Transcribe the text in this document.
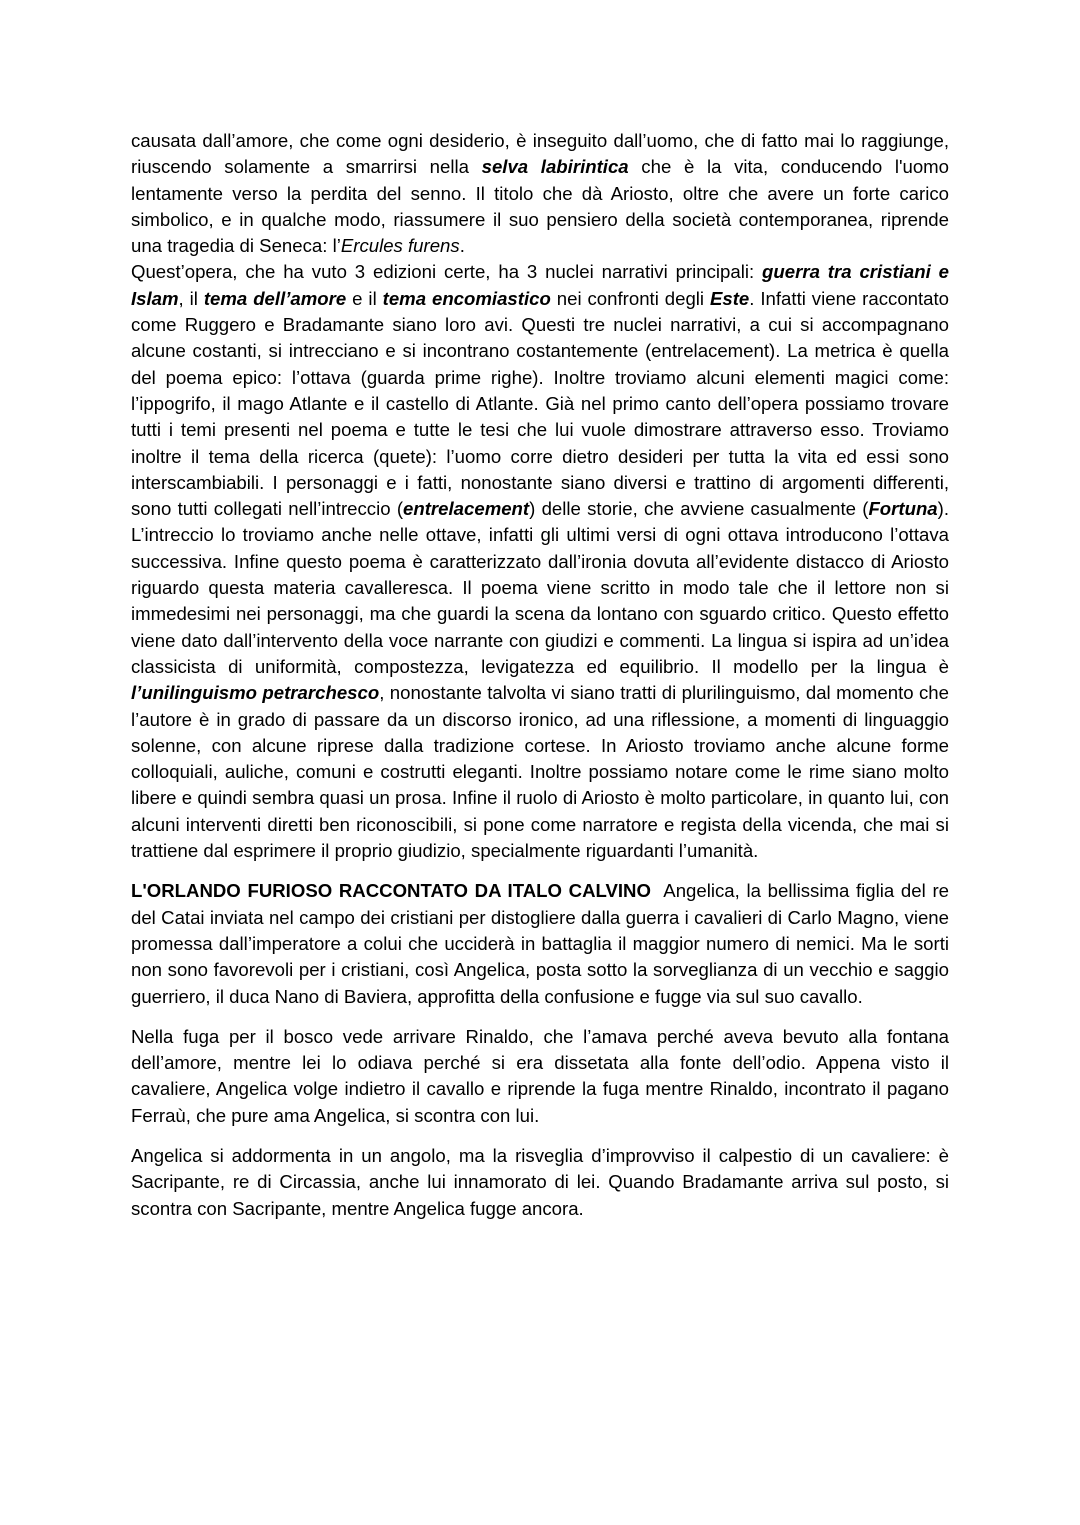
causata dall’amore, che come ogni desiderio, è inseguito dall’uomo, che di fatto mai lo raggiunge, riuscendo solamente a smarrirsi nella selva labirintica che è la vita, conducendo l'uomo lentamente verso la perdita del senno. Il titolo che dà Ariosto, oltre che avere un forte carico simbolico, e in qualche modo, riassumere il suo pensiero della società contemporanea, riprende una tragedia di Seneca: l’Ercules furens.

Quest’opera, che ha vuto 3 edizioni certe, ha 3 nuclei narrativi principali: guerra tra cristiani e Islam, il tema dell’amore e il tema encomiastico nei confronti degli Este. Infatti viene raccontato come Ruggero e Bradamante siano loro avi. Questi tre nuclei narrativi, a cui si accompagnano alcune costanti, si intrecciano e si incontrano costantemente (entrelacement). La metrica è quella del poema epico: l’ottava (guarda prime righe). Inoltre troviamo alcuni elementi magici come: l’ippogrifo, il mago Atlante e il castello di Atlante. Già nel primo canto dell’opera possiamo trovare tutti i temi presenti nel poema e tutte le tesi che lui vuole dimostrare attraverso esso. Troviamo inoltre il tema della ricerca (quete): l’uomo corre dietro desideri per tutta la vita ed essi sono interscambiabili. I personaggi e i fatti, nonostante siano diversi e trattino di argomenti differenti, sono tutti collegati nell’intreccio (entrelacement) delle storie, che avviene casualmente (Fortuna). L’intreccio lo troviamo anche nelle ottave, infatti gli ultimi versi di ogni ottava introducono l’ottava successiva. Infine questo poema è caratterizzato dall’ironia dovuta all’evidente distacco di Ariosto riguardo questa materia cavalleresca. Il poema viene scritto in modo tale che il lettore non si immedesimi nei personaggi, ma che guardi la scena da lontano con sguardo critico. Questo effetto viene dato dall’intervento della voce narrante con giudizi e commenti. La lingua si ispira ad un’idea classicista di uniformità, compostezza, levigatezza ed equilibrio. Il modello per la lingua è l’unilinguismo petrarchesco, nonostante talvolta vi siano tratti di plurilinguismo, dal momento che l’autore è in grado di passare da un discorso ironico, ad una riflessione, a momenti di linguaggio solenne, con alcune riprese dalla tradizione cortese. In Ariosto troviamo anche alcune forme colloquiali, auliche, comuni e costrutti eleganti. Inoltre possiamo notare come le rime siano molto libere e quindi sembra quasi un prosa. Infine il ruolo di Ariosto è molto particolare, in quanto lui, con alcuni interventi diretti ben riconoscibili, si pone come narratore e regista della vicenda, che mai si trattiene dal esprimere il proprio giudizio, specialmente riguardanti l’umanità.

L'ORLANDO FURIOSO RACCONTATO DA ITALO CALVINO  Angelica, la bellissima figlia del re del Catai inviata nel campo dei cristiani per distogliere dalla guerra i cavalieri di Carlo Magno, viene promessa dall’imperatore a colui che ucciderà in battaglia il maggior numero di nemici. Ma le sorti non sono favorevoli per i cristiani, così Angelica, posta sotto la sorveglianza di un vecchio e saggio guerriero, il duca Nano di Baviera, approfitta della confusione e fugge via sul suo cavallo.

Nella fuga per il bosco vede arrivare Rinaldo, che l’amava perché aveva bevuto alla fontana dell’amore, mentre lei lo odiava perché si era dissetata alla fonte dell’odio. Appena visto il cavaliere, Angelica volge indietro il cavallo e riprende la fuga mentre Rinaldo, incontrato il pagano Ferraù, che pure ama Angelica, si scontra con lui.

Angelica si addormenta in un angolo, ma la risveglia d’improvviso il calpestio di un cavaliere: è Sacripante, re di Circassia, anche lui innamorato di lei. Quando Bradamante arriva sul posto, si scontra con Sacripante, mentre Angelica fugge ancora.
